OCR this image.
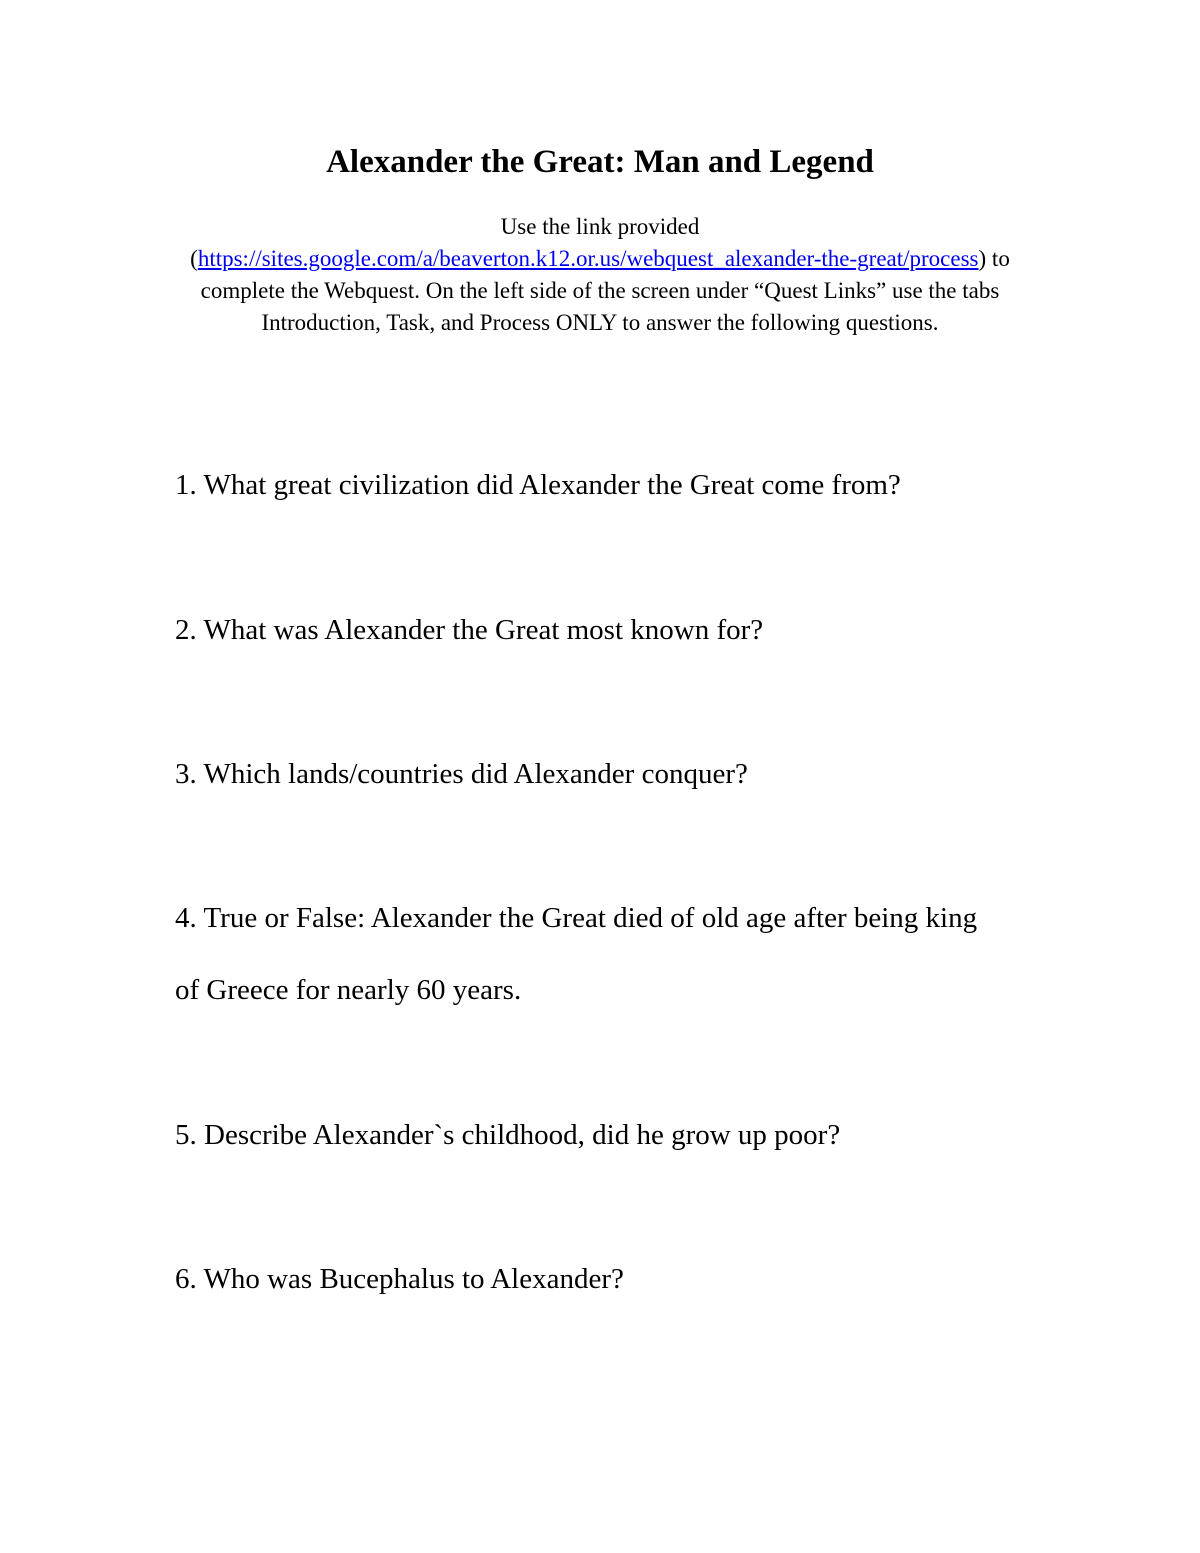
Alexander the Great: Man and Legend

Use the link provided
(https://sites.google.com/a/beaverton.k12.or.us/webquest_alexander-the-great/process) to complete the Webquest. On the left side of the screen under “Quest Links” use the tabs Introduction, Task, and Process ONLY to answer the following questions.

1. What great civilization did Alexander the Great come from?

2. What was Alexander the Great most known for?

3. Which lands/countries did Alexander conquer?

4. True or False: Alexander the Great died of old age after being king of Greece for nearly 60 years.

5. Describe Alexander`s childhood, did he grow up poor?

6. Who was Bucephalus to Alexander?
